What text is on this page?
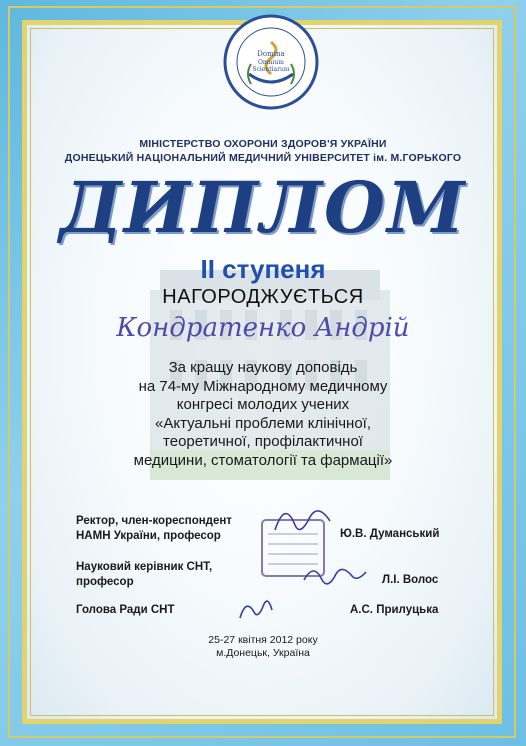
Domina
Omnium
Scientiarum

МІНІСТЕРСТВО ОХОРОНИ ЗДОРОВ'Я УКРАЇНИ

ДОНЕЦЬКИЙ НАЦІОНАЛЬНИЙ МЕДИЧНИЙ УНІВЕРСИТЕТ ім. М.ГОРЬКОГО

ДИПЛОМ

II ступеня

НАГОРОДЖУЄТЬСЯ

Кондратенко Андрій

За кращу наукову доповідь
на 74-му Міжнародному медичному
конгресі молодих учених
«Актуальні проблеми клінічної,
теоретичної, профілактичної
медицини, стоматології та фармації»
Ректор, член-кореспондент
НАМН України, професор	Ю.В. Думанський
Науковий керівник СНТ,
професор	Л.І. Волос
Голова Ради СНТ	А.С. Прилуцька
25-27 квітня 2012 року
м.Донецьк, Україна
